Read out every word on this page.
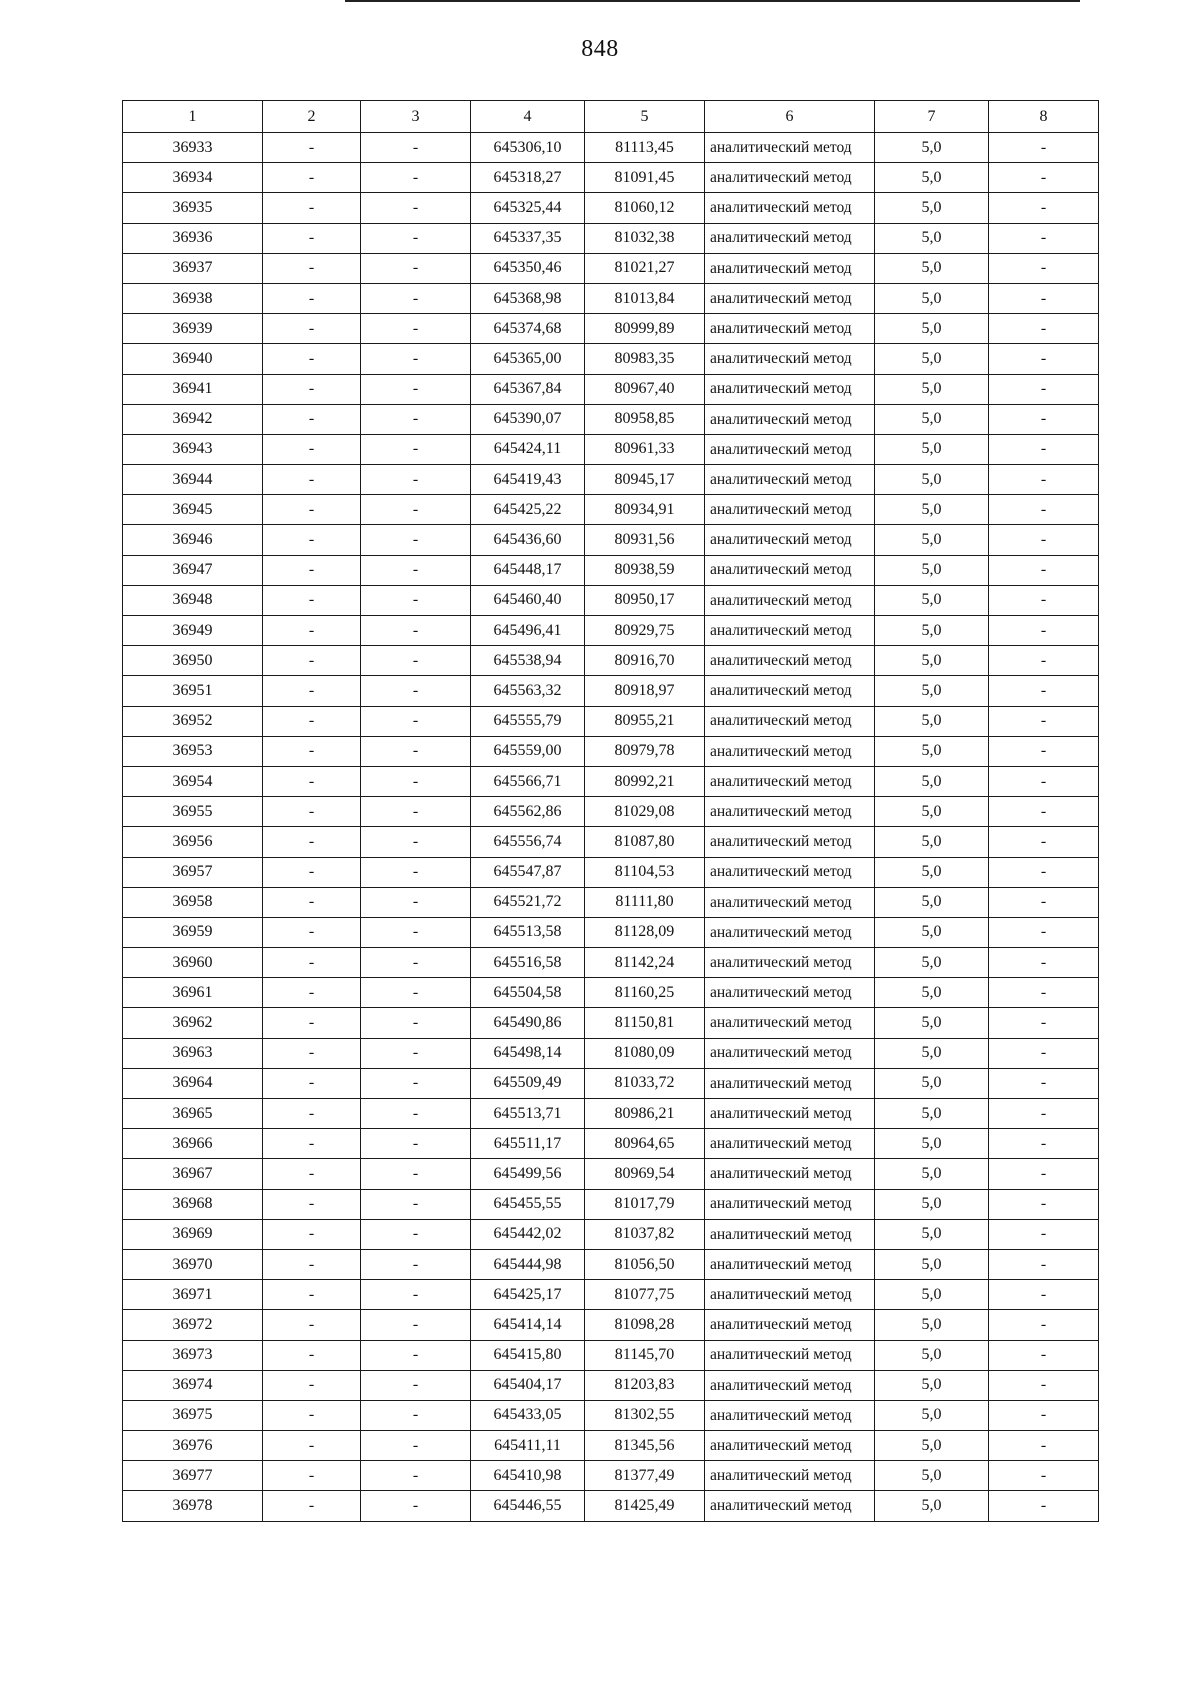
848
1	2	3	4	5	6	7	8
36933	-	-	645306,10	81113,45	аналитический метод	5,0	-
36934	-	-	645318,27	81091,45	аналитический метод	5,0	-
36935	-	-	645325,44	81060,12	аналитический метод	5,0	-
36936	-	-	645337,35	81032,38	аналитический метод	5,0	-
36937	-	-	645350,46	81021,27	аналитический метод	5,0	-
36938	-	-	645368,98	81013,84	аналитический метод	5,0	-
36939	-	-	645374,68	80999,89	аналитический метод	5,0	-
36940	-	-	645365,00	80983,35	аналитический метод	5,0	-
36941	-	-	645367,84	80967,40	аналитический метод	5,0	-
36942	-	-	645390,07	80958,85	аналитический метод	5,0	-
36943	-	-	645424,11	80961,33	аналитический метод	5,0	-
36944	-	-	645419,43	80945,17	аналитический метод	5,0	-
36945	-	-	645425,22	80934,91	аналитический метод	5,0	-
36946	-	-	645436,60	80931,56	аналитический метод	5,0	-
36947	-	-	645448,17	80938,59	аналитический метод	5,0	-
36948	-	-	645460,40	80950,17	аналитический метод	5,0	-
36949	-	-	645496,41	80929,75	аналитический метод	5,0	-
36950	-	-	645538,94	80916,70	аналитический метод	5,0	-
36951	-	-	645563,32	80918,97	аналитический метод	5,0	-
36952	-	-	645555,79	80955,21	аналитический метод	5,0	-
36953	-	-	645559,00	80979,78	аналитический метод	5,0	-
36954	-	-	645566,71	80992,21	аналитический метод	5,0	-
36955	-	-	645562,86	81029,08	аналитический метод	5,0	-
36956	-	-	645556,74	81087,80	аналитический метод	5,0	-
36957	-	-	645547,87	81104,53	аналитический метод	5,0	-
36958	-	-	645521,72	81111,80	аналитический метод	5,0	-
36959	-	-	645513,58	81128,09	аналитический метод	5,0	-
36960	-	-	645516,58	81142,24	аналитический метод	5,0	-
36961	-	-	645504,58	81160,25	аналитический метод	5,0	-
36962	-	-	645490,86	81150,81	аналитический метод	5,0	-
36963	-	-	645498,14	81080,09	аналитический метод	5,0	-
36964	-	-	645509,49	81033,72	аналитический метод	5,0	-
36965	-	-	645513,71	80986,21	аналитический метод	5,0	-
36966	-	-	645511,17	80964,65	аналитический метод	5,0	-
36967	-	-	645499,56	80969,54	аналитический метод	5,0	-
36968	-	-	645455,55	81017,79	аналитический метод	5,0	-
36969	-	-	645442,02	81037,82	аналитический метод	5,0	-
36970	-	-	645444,98	81056,50	аналитический метод	5,0	-
36971	-	-	645425,17	81077,75	аналитический метод	5,0	-
36972	-	-	645414,14	81098,28	аналитический метод	5,0	-
36973	-	-	645415,80	81145,70	аналитический метод	5,0	-
36974	-	-	645404,17	81203,83	аналитический метод	5,0	-
36975	-	-	645433,05	81302,55	аналитический метод	5,0	-
36976	-	-	645411,11	81345,56	аналитический метод	5,0	-
36977	-	-	645410,98	81377,49	аналитический метод	5,0	-
36978	-	-	645446,55	81425,49	аналитический метод	5,0	-
